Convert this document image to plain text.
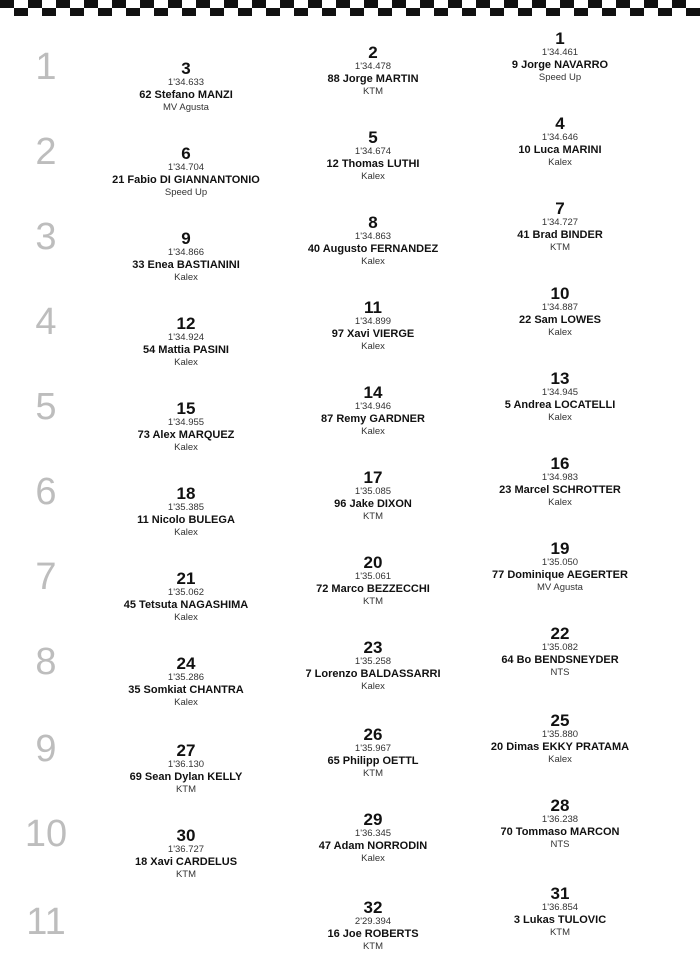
1	3
1'34.633
62 Stefano MANZI
MV Agusta
2
1'34.478
88 Jorge MARTIN
KTM
1
1'34.461
9 Jorge NAVARRO
Speed Up
2	6
1'34.704
21 Fabio DI GIANNANTONIO
Speed Up
5
1'34.674
12 Thomas LUTHI
Kalex
4
1'34.646
10 Luca MARINI
Kalex
3	9
1'34.866
33 Enea BASTIANINI
Kalex
8
1'34.863
40 Augusto FERNANDEZ
Kalex
7
1'34.727
41 Brad BINDER
KTM
4	12
1'34.924
54 Mattia PASINI
Kalex
11
1'34.899
97 Xavi VIERGE
Kalex
10
1'34.887
22 Sam LOWES
Kalex
5	15
1'34.955
73 Alex MARQUEZ
Kalex
14
1'34.946
87 Remy GARDNER
Kalex
13
1'34.945
5 Andrea LOCATELLI
Kalex
6	18
1'35.385
11 Nicolo BULEGA
Kalex
17
1'35.085
96 Jake DIXON
KTM
16
1'34.983
23 Marcel SCHROTTER
Kalex
7	21
1'35.062
45 Tetsuta NAGASHIMA
Kalex
20
1'35.061
72 Marco BEZZECCHI
KTM
19
1'35.050
77 Dominique AEGERTER
MV Agusta
8	24
1'35.286
35 Somkiat CHANTRA
Kalex
23
1'35.258
7 Lorenzo BALDASSARRI
Kalex
22
1'35.082
64 Bo BENDSNEYDER
NTS
9	27
1'36.130
69 Sean Dylan KELLY
KTM
26
1'35.967
65 Philipp OETTL
KTM
25
1'35.880
20 Dimas EKKY PRATAMA
Kalex
10	30
1'36.727
18 Xavi CARDELUS
KTM
29
1'36.345
47 Adam NORRODIN
Kalex
28
1'36.238
70 Tommaso MARCON
NTS
11	32
2'29.394
16 Joe ROBERTS
KTM
31
1'36.854
3 Lukas TULOVIC
KTM
